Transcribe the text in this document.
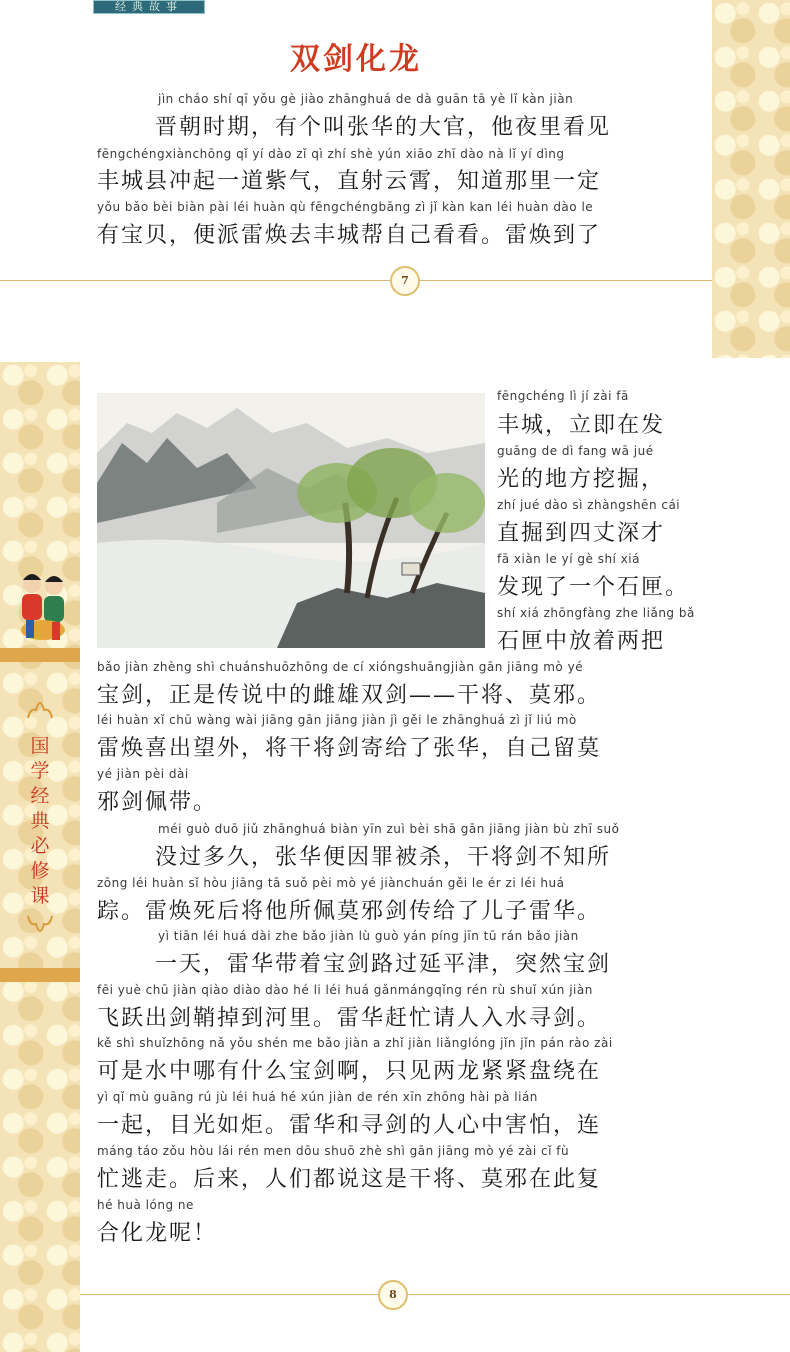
经典故事
双剑化龙
jìn cháo shí qī yǒu gè jiào zhānghuá de dà guān tā yè lǐ kàn jiàn
晋朝时期，有个叫张华的大官，他夜里看见
fēngchéngxiànchōng qǐ yí dào zǐ qì zhí shè yún xiāo zhī dào nà lǐ yí dìng
丰城县冲起一道紫气，直射云霄，知道那里一定
yǒu bǎo bèi biàn pài léi huàn qù fēngchéngbāng zì jǐ kàn kan léi huàn dào le
有宝贝，便派雷焕去丰城帮自己看看。雷焕到了
7
fēngchéng lì jí zài fā
丰城，立即在发
guāng de dì fang wā jué
光的地方挖掘，
zhí jué dào sì zhàngshēn cái
直掘到四丈深才
fā xiàn le yí gè shí xiá
发现了一个石匣。
shí xiá zhōngfàng zhe liǎng bǎ
石匣中放着两把
bǎo jiàn zhèng shì chuánshuōzhōng de cí xióngshuāngjiàn gān jiāng mò yé
宝剑，正是传说中的雌雄双剑——干将、莫邪。
léi huàn xǐ chū wàng wài jiāng gān jiāng jiàn jì gěi le zhānghuá zì jǐ liú mò
雷焕喜出望外，将干将剑寄给了张华，自己留莫
yé jiàn pèi dài
邪剑佩带。
méi guò duō jiǔ zhānghuá biàn yīn zuì bèi shā gān jiāng jiàn bù zhī suǒ
没过多久，张华便因罪被杀，干将剑不知所
zōng léi huàn sǐ hòu jiāng tā suǒ pèi mò yé jiànchuán gěi le ér zi léi huá
踪。雷焕死后将他所佩莫邪剑传给了儿子雷华。
yì tiān léi huá dài zhe bǎo jiàn lù guò yán píng jīn tū rán bǎo jiàn
一天，雷华带着宝剑路过延平津，突然宝剑
fēi yuè chū jiàn qiào diào dào hé li léi huá gǎnmángqǐng rén rù shuǐ xún jiàn
飞跃出剑鞘掉到河里。雷华赶忙请人入水寻剑。
kě shì shuǐzhōng nǎ yǒu shén me bǎo jiàn a zhǐ jiàn liǎnglóng jǐn jǐn pán rào zài
可是水中哪有什么宝剑啊，只见两龙紧紧盘绕在
yì qǐ mù guāng rú jù léi huá hé xún jiàn de rén xīn zhōng hài pà lián
一起，目光如炬。雷华和寻剑的人心中害怕，连
máng táo zǒu hòu lái rén men dōu shuō zhè shì gān jiāng mò yé zài cǐ fù
忙逃走。后来，人们都说这是干将、莫邪在此复
hé huà lóng ne
合化龙呢！
8
国
学
经
典
必
修
课
